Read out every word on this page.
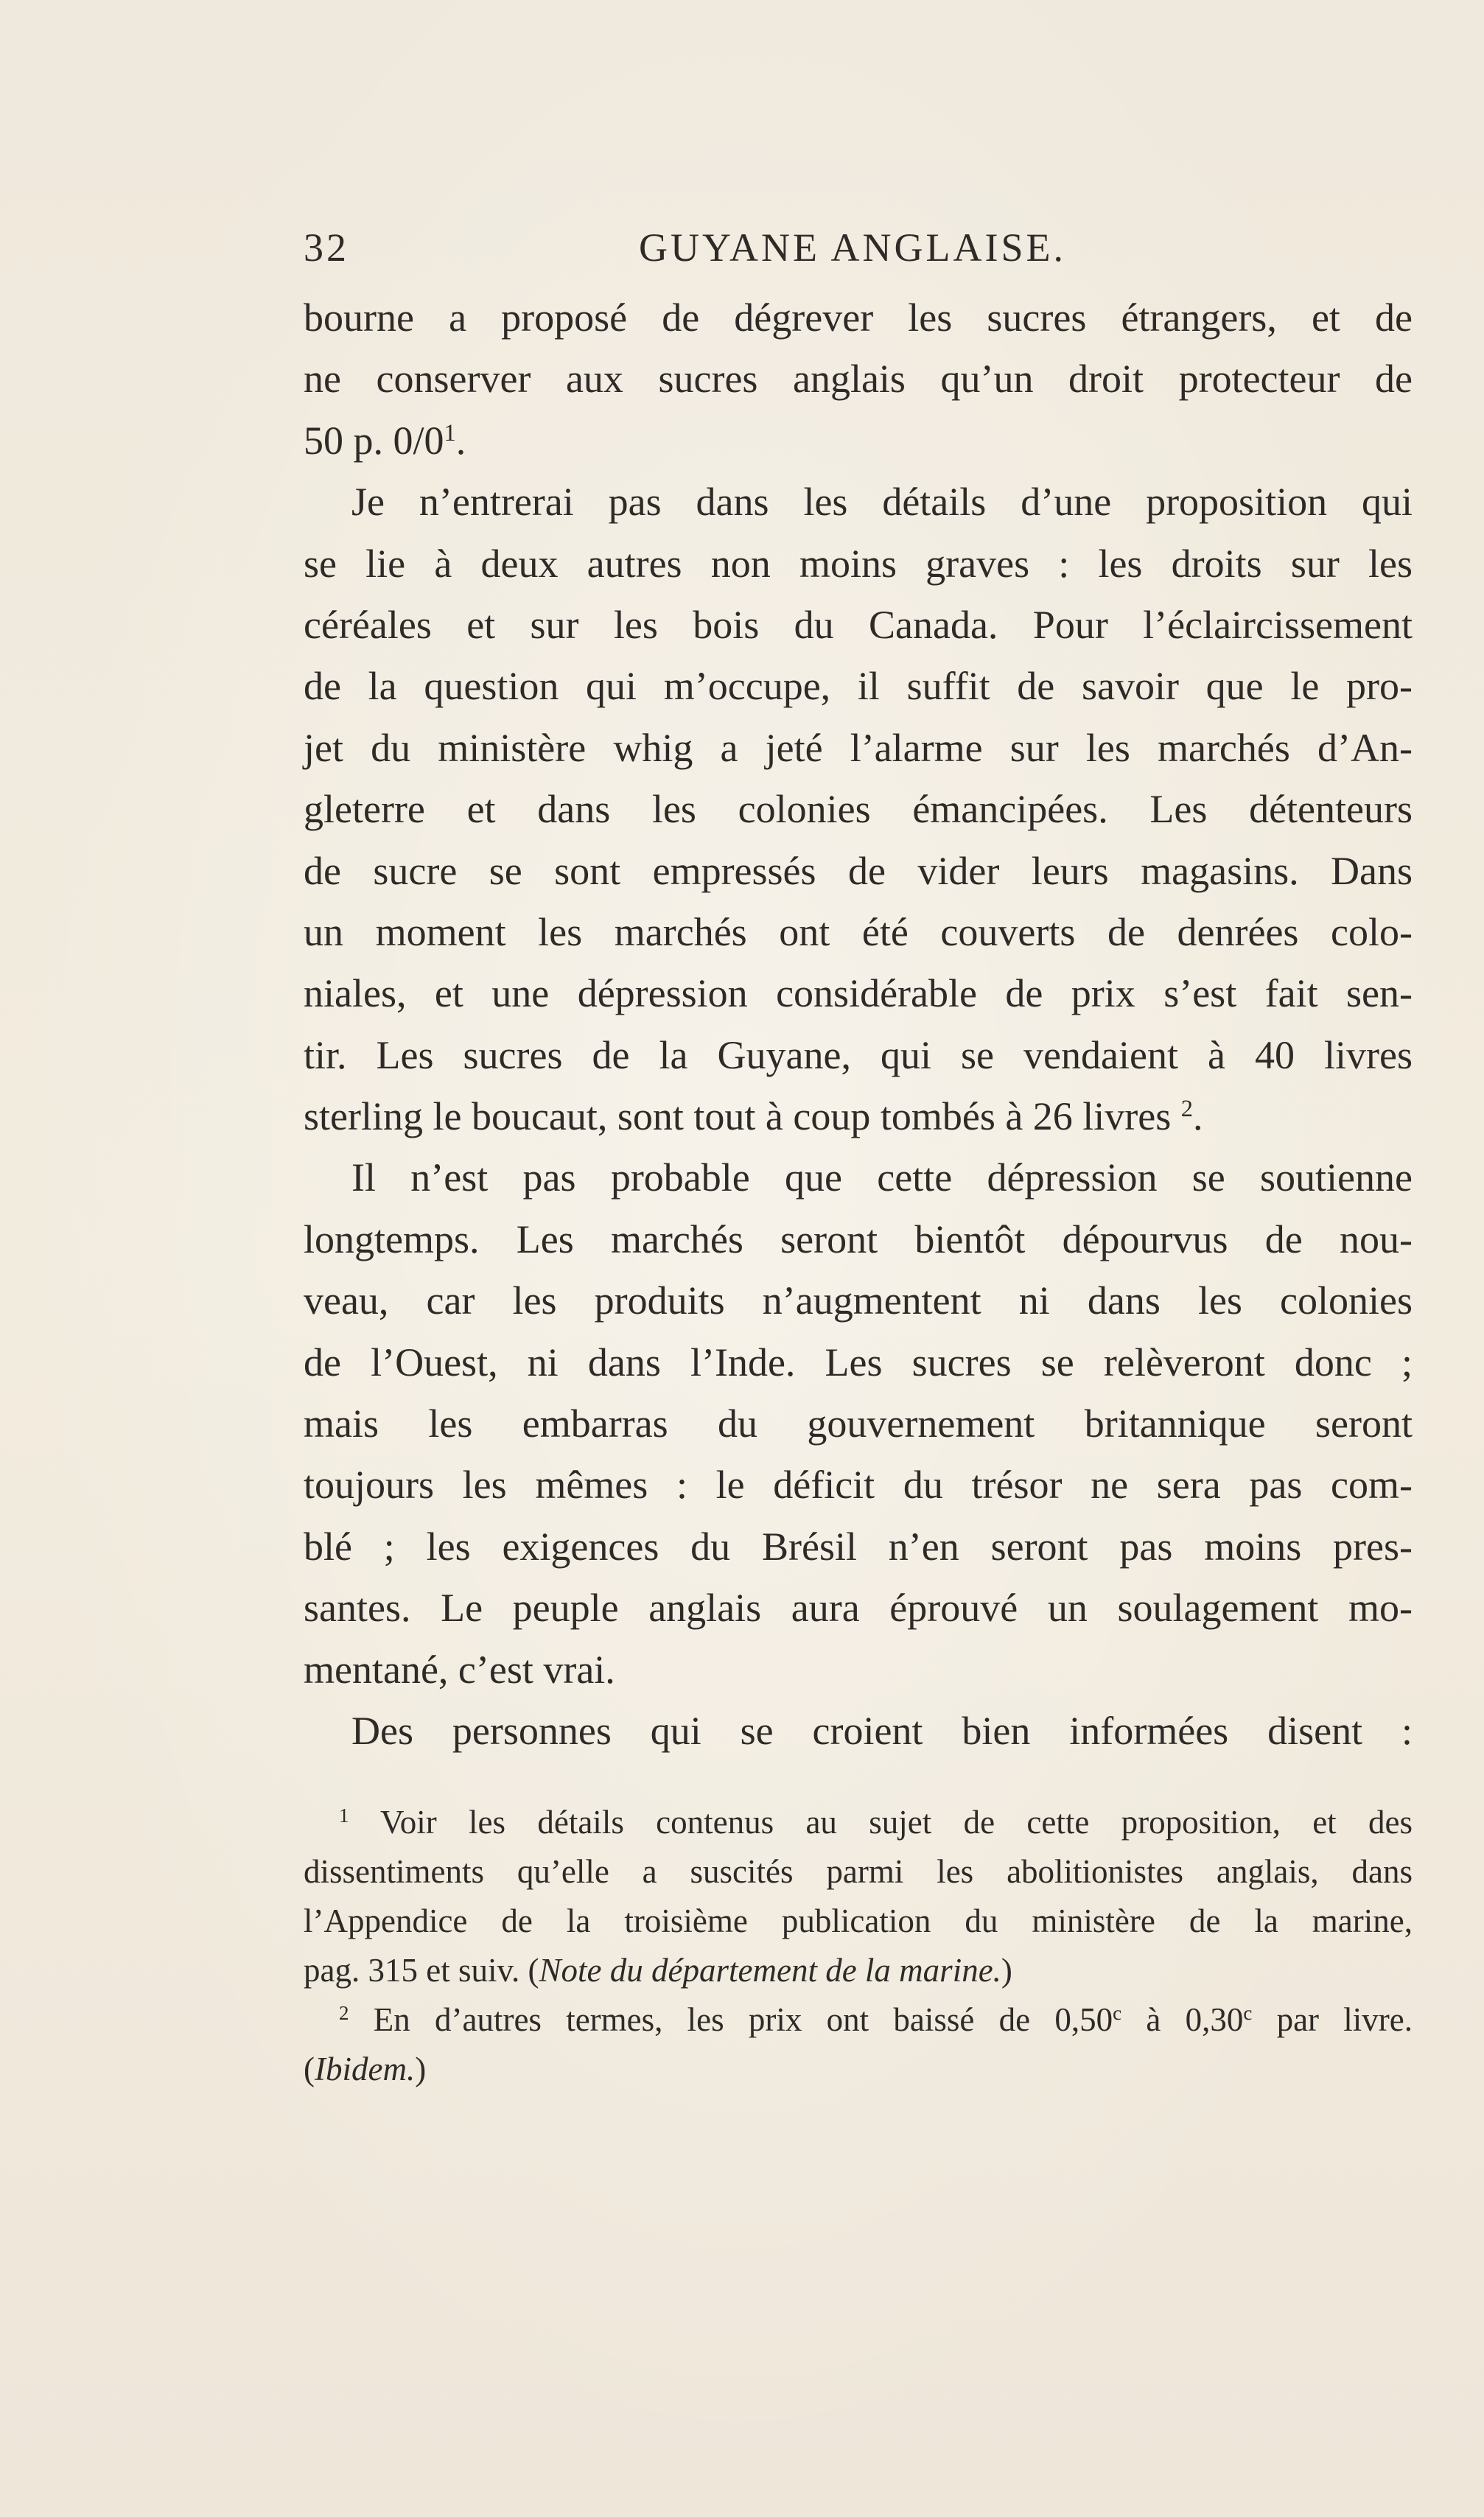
32	GUYANE ANGLAISE.
bourne a proposé de dégrever les sucres étrangers, et de
ne conserver aux sucres anglais qu’un droit protecteur de
50 p. $0/0^1$.
Je n’entrerai pas dans les détails d’une proposition qui
se lie à deux autres non moins graves : les droits sur les
céréales et sur les bois du Canada. Pour l’éclaircissement
de la question qui m’occupe, il suffit de savoir que le pro-
jet du ministère whig a jeté l’alarme sur les marchés d’An-
gleterre et dans les colonies émancipées. Les détenteurs
de sucre se sont empressés de vider leurs magasins. Dans
un moment les marchés ont été couverts de denrées colo-
niales, et une dépression considérable de prix s’est fait sen-
tir. Les sucres de la Guyane, qui se vendaient à 40 livres
sterling le boucaut, sont tout à coup tombés à 26 livres $^2$.
Il n’est pas probable que cette dépression se soutienne
longtemps. Les marchés seront bientôt dépourvus de nou-
veau, car les produits n’augmentent ni dans les colonies
de l’Ouest, ni dans l’Inde. Les sucres se relèveront donc ;
mais les embarras du gouvernement britannique seront
toujours les mêmes : le déficit du trésor ne sera pas com-
blé ; les exigences du Brésil n’en seront pas moins pres-
santes. Le peuple anglais aura éprouvé un soulagement mo-
mentané, c’est vrai.
Des personnes qui se croient bien informées disent :
$^1$ Voir les détails contenus au sujet de cette proposition, et des
dissentiments qu’elle a suscités parmi les abolitionistes anglais, dans
l’Appendice de la troisième publication du ministère de la marine,
pag. 315 et suiv. (Note du département de la marine.)
$^2$ En d’autres termes, les prix ont baissé de 0,50$^c$ à 0,30$^c$ par livre.
(Ibidem.)
